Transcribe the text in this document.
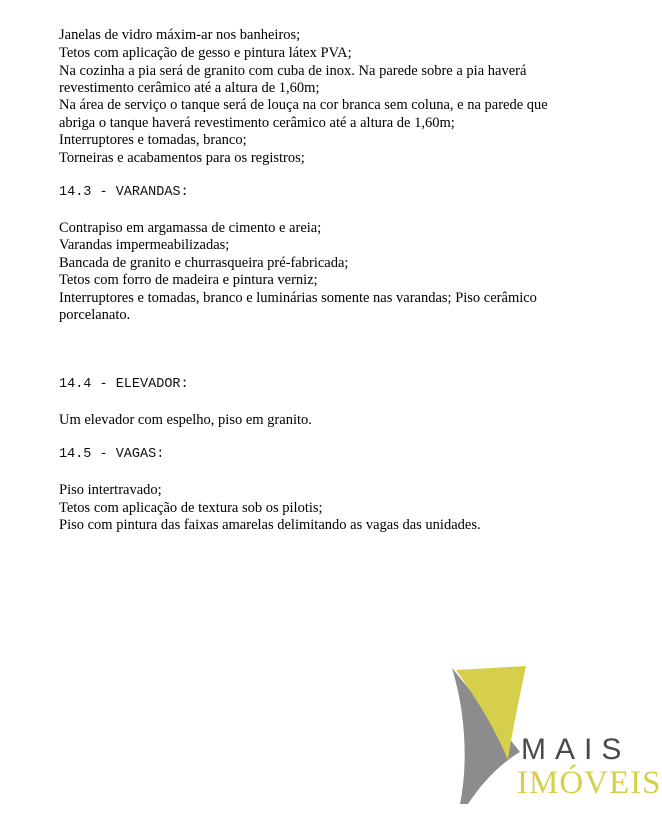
Janelas de vidro máxim-ar nos banheiros;

Tetos com aplicação de gesso e pintura látex PVA;

Na cozinha a pia será de granito com cuba de inox. Na parede sobre a pia haverá

revestimento cerâmico até a altura de 1,60m;

Na área de serviço o tanque será de louça na cor branca sem coluna, e na parede que

abriga o tanque haverá revestimento cerâmico até a altura de 1,60m;

Interruptores e tomadas, branco;

Torneiras e acabamentos para os registros;

14.3 - VARANDAS:

Contrapiso em argamassa de cimento e areia;

Varandas impermeabilizadas;

Bancada de granito e churrasqueira pré-fabricada;

Tetos com forro de madeira e pintura verniz;

Interruptores e tomadas, branco e luminárias somente nas varandas; Piso cerâmico

porcelanato.

14.4 - ELEVADOR:

Um elevador com espelho, piso em granito.

14.5 - VAGAS:

Piso intertravado;

Tetos com aplicação de textura sob os pilotis;

Piso com pintura das faixas amarelas delimitando as vagas das unidades.

MAIS
IMÓVEIS
